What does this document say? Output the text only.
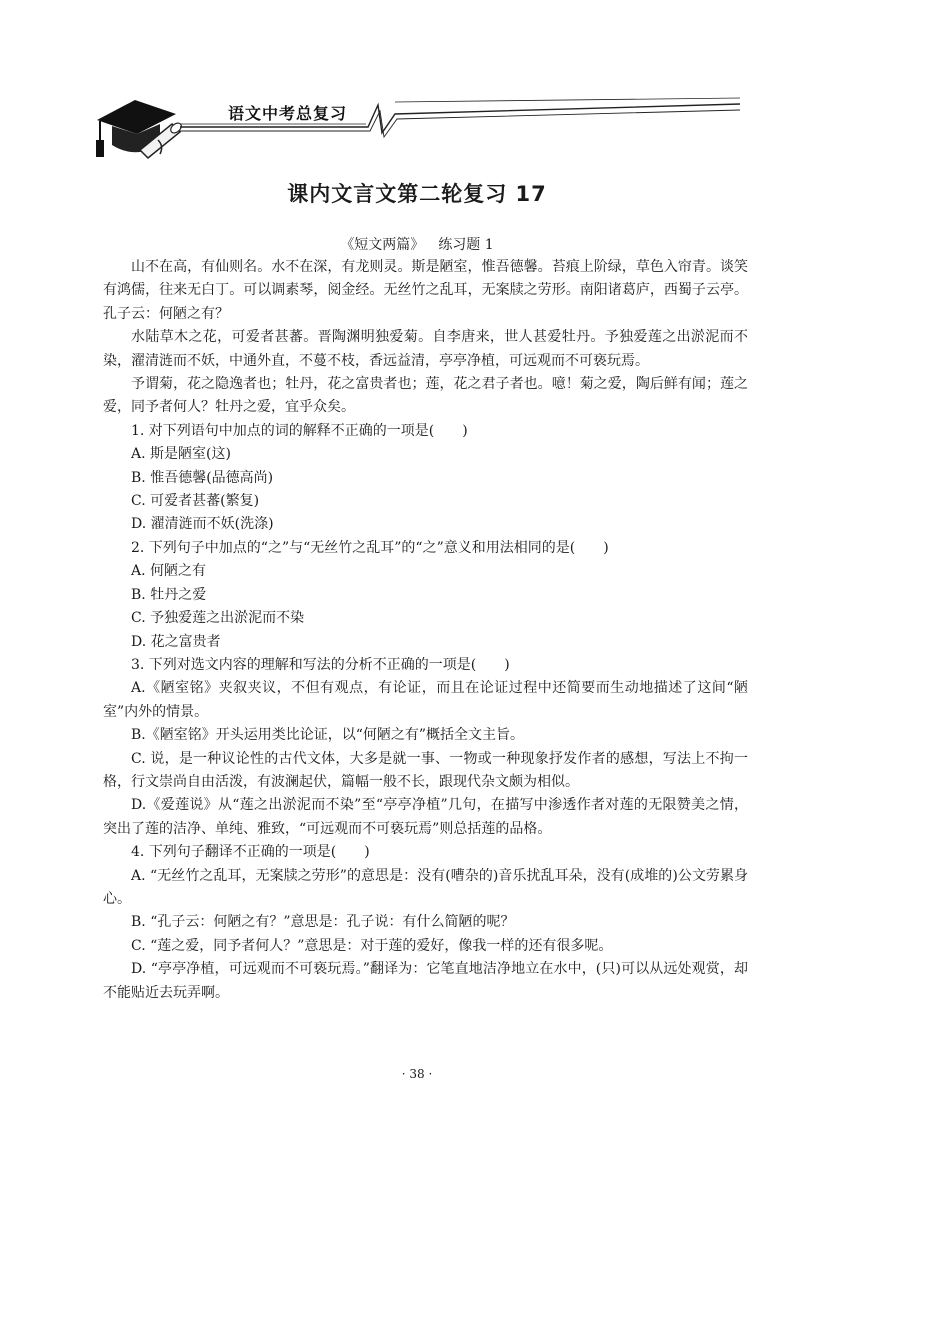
语文中考总复习
课内文言文第二轮复习 17
《短文两篇》 练习题 1

山不在高，有仙则名。水不在深，有龙则灵。斯是陋室，惟吾德馨。苔痕上阶绿，草色入帘青。谈笑有鸿儒，往来无白丁。可以调素琴，阅金经。无丝竹之乱耳，无案牍之劳形。南阳诸葛庐，西蜀子云亭。孔子云：何陋之有？

水陆草木之花，可爱者甚蕃。晋陶渊明独爱菊。自李唐来，世人甚爱牡丹。予独爱莲之出淤泥而不染，濯清涟而不妖，中通外直，不蔓不枝，香远益清，亭亭净植，可远观而不可亵玩焉。

予谓菊，花之隐逸者也；牡丹，花之富贵者也；莲，花之君子者也。噫！菊之爱，陶后鲜有闻；莲之爱，同予者何人？牡丹之爱，宜乎众矣。

1. 对下列语句中加点的词的解释不正确的一项是(　　)

A. 斯是陋室(这)

B. 惟吾德馨(品德高尚)

C. 可爱者甚蕃(繁复)

D. 濯清涟而不妖(洗涤)

2. 下列句子中加点的“之”与“无丝竹之乱耳”的“之”意义和用法相同的是(　　)

A. 何陋之有

B. 牡丹之爱

C. 予独爱莲之出淤泥而不染

D. 花之富贵者

3. 下列对选文内容的理解和写法的分析不正确的一项是(　　)

A.《陋室铭》夹叙夹议，不但有观点，有论证，而且在论证过程中还简要而生动地描述了这间“陋室”内外的情景。

B.《陋室铭》开头运用类比论证，以“何陋之有”概括全文主旨。

C. 说，是一种议论性的古代文体，大多是就一事、一物或一种现象抒发作者的感想，写法上不拘一格，行文崇尚自由活泼，有波澜起伏，篇幅一般不长，跟现代杂文颇为相似。

D.《爱莲说》从“莲之出淤泥而不染”至“亭亭净植”几句，在描写中渗透作者对莲的无限赞美之情，突出了莲的洁净、单纯、雅致，“可远观而不可亵玩焉”则总括莲的品格。

4. 下列句子翻译不正确的一项是(　　)

A. “无丝竹之乱耳，无案牍之劳形”的意思是：没有(嘈杂的)音乐扰乱耳朵，没有(成堆的)公文劳累身心。

B. “孔子云：何陋之有？”意思是：孔子说：有什么简陋的呢？

C. “莲之爱，同予者何人？”意思是：对于莲的爱好，像我一样的还有很多呢。

D. “亭亭净植，可远观而不可亵玩焉。”翻译为：它笔直地洁净地立在水中，(只)可以从远处观赏，却不能贴近去玩弄啊。

· 38 ·
